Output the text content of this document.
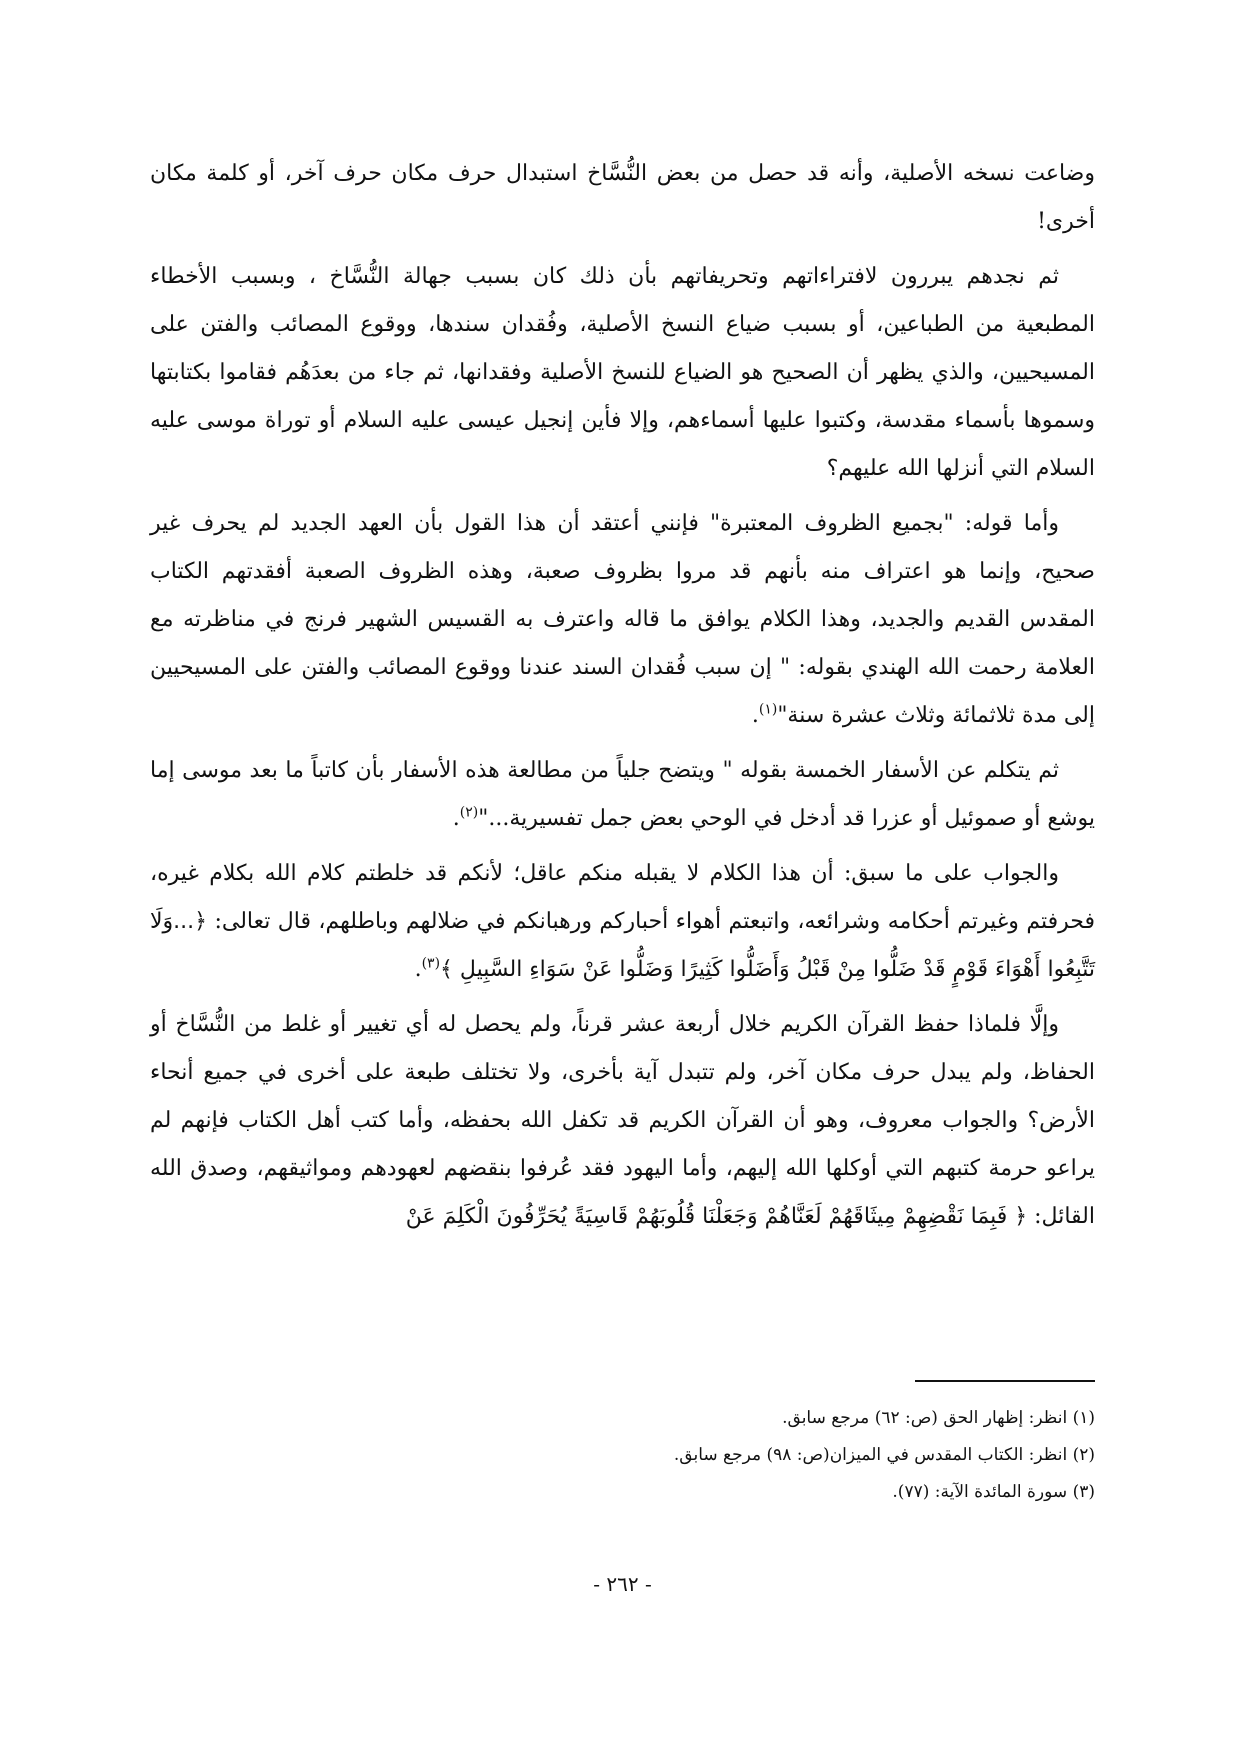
وضاعت نسخه الأصلية، وأنه قد حصل من بعض النُّسَّاخ استبدال حرف مكان حرف آخر، أو كلمة مكان أخرى!

ثم نجدهم يبررون لافتراءاتهم وتحريفاتهم بأن ذلك كان بسبب جهالة النُّسَّاخ ، وبسبب الأخطاء المطبعية من الطباعين، أو بسبب ضياع النسخ الأصلية، وفُقدان سندها، ووقوع المصائب والفتن على المسيحيين، والذي يظهر أن الصحيح هو الضياع للنسخ الأصلية وفقدانها، ثم جاء من بعدَهُم فقاموا بكتابتها وسموها بأسماء مقدسة، وكتبوا عليها أسماءهم، وإلا فأين إنجيل عيسى عليه السلام أو توراة موسى عليه السلام التي أنزلها الله عليهم؟

وأما قوله: "بجميع الظروف المعتبرة" فإنني أعتقد أن هذا القول بأن العهد الجديد لم يحرف غير صحيح، وإنما هو اعتراف منه بأنهم قد مروا بظروف صعبة، وهذه الظروف الصعبة أفقدتهم الكتاب المقدس القديم والجديد، وهذا الكلام يوافق ما قاله واعترف به القسيس الشهير فرنج في مناظرته مع العلامة رحمت الله الهندي بقوله: " إن سبب فُقدان السند عندنا ووقوع المصائب والفتن على المسيحيين إلى مدة ثلاثمائة وثلاث عشرة سنة"$^{(١)}$.

ثم يتكلم عن الأسفار الخمسة بقوله " ويتضح جلياً من مطالعة هذه الأسفار بأن كاتباً ما بعد موسى إما يوشع أو صموئيل أو عزرا قد أدخل في الوحي بعض جمل تفسيرية..."$^{(٢)}$.

والجواب على ما سبق: أن هذا الكلام لا يقبله منكم عاقل؛ لأنكم قد خلطتم كلام الله بكلام غيره، فحرفتم وغيرتم أحكامه وشرائعه، واتبعتم أهواء أحباركم ورهبانكم في ضلالهم وباطلهم، قال تعالى: ﴿...وَلَا تَتَّبِعُوا أَهْوَاءَ قَوْمٍ قَدْ ضَلُّوا مِنْ قَبْلُ وَأَضَلُّوا كَثِيرًا وَضَلُّوا عَنْ سَوَاءِ السَّبِيلِ ﴾$^{(٣)}$.

وإلَّا فلماذا حفظ القرآن الكريم خلال أربعة عشر قرناً، ولم يحصل له أي تغيير أو غلط من النُّسَّاخ أو الحفاظ، ولم يبدل حرف مكان آخر، ولم تتبدل آية بأخرى، ولا تختلف طبعة على أخرى في جميع أنحاء الأرض؟ والجواب معروف، وهو أن القرآن الكريم قد تكفل الله بحفظه، وأما كتب أهل الكتاب فإنهم لم يراعو حرمة كتبهم التي أوكلها الله إليهم، وأما اليهود فقد عُرفوا بنقضهم لعهودهم ومواثيقهم، وصدق الله القائل: ﴿ فَبِمَا نَقْضِهِمْ مِيثَاقَهُمْ لَعَنَّاهُمْ وَجَعَلْنَا قُلُوبَهُمْ قَاسِيَةً يُحَرِّفُونَ الْكَلِمَ عَنْ

(١) انظر: إظهار الحق (ص: ٦٢) مرجع سابق.

(٢) انظر: الكتاب المقدس في الميزان(ص: ٩٨) مرجع سابق.

(٣) سورة المائدة الآية: (٧٧).

- ٢٦٢ -
